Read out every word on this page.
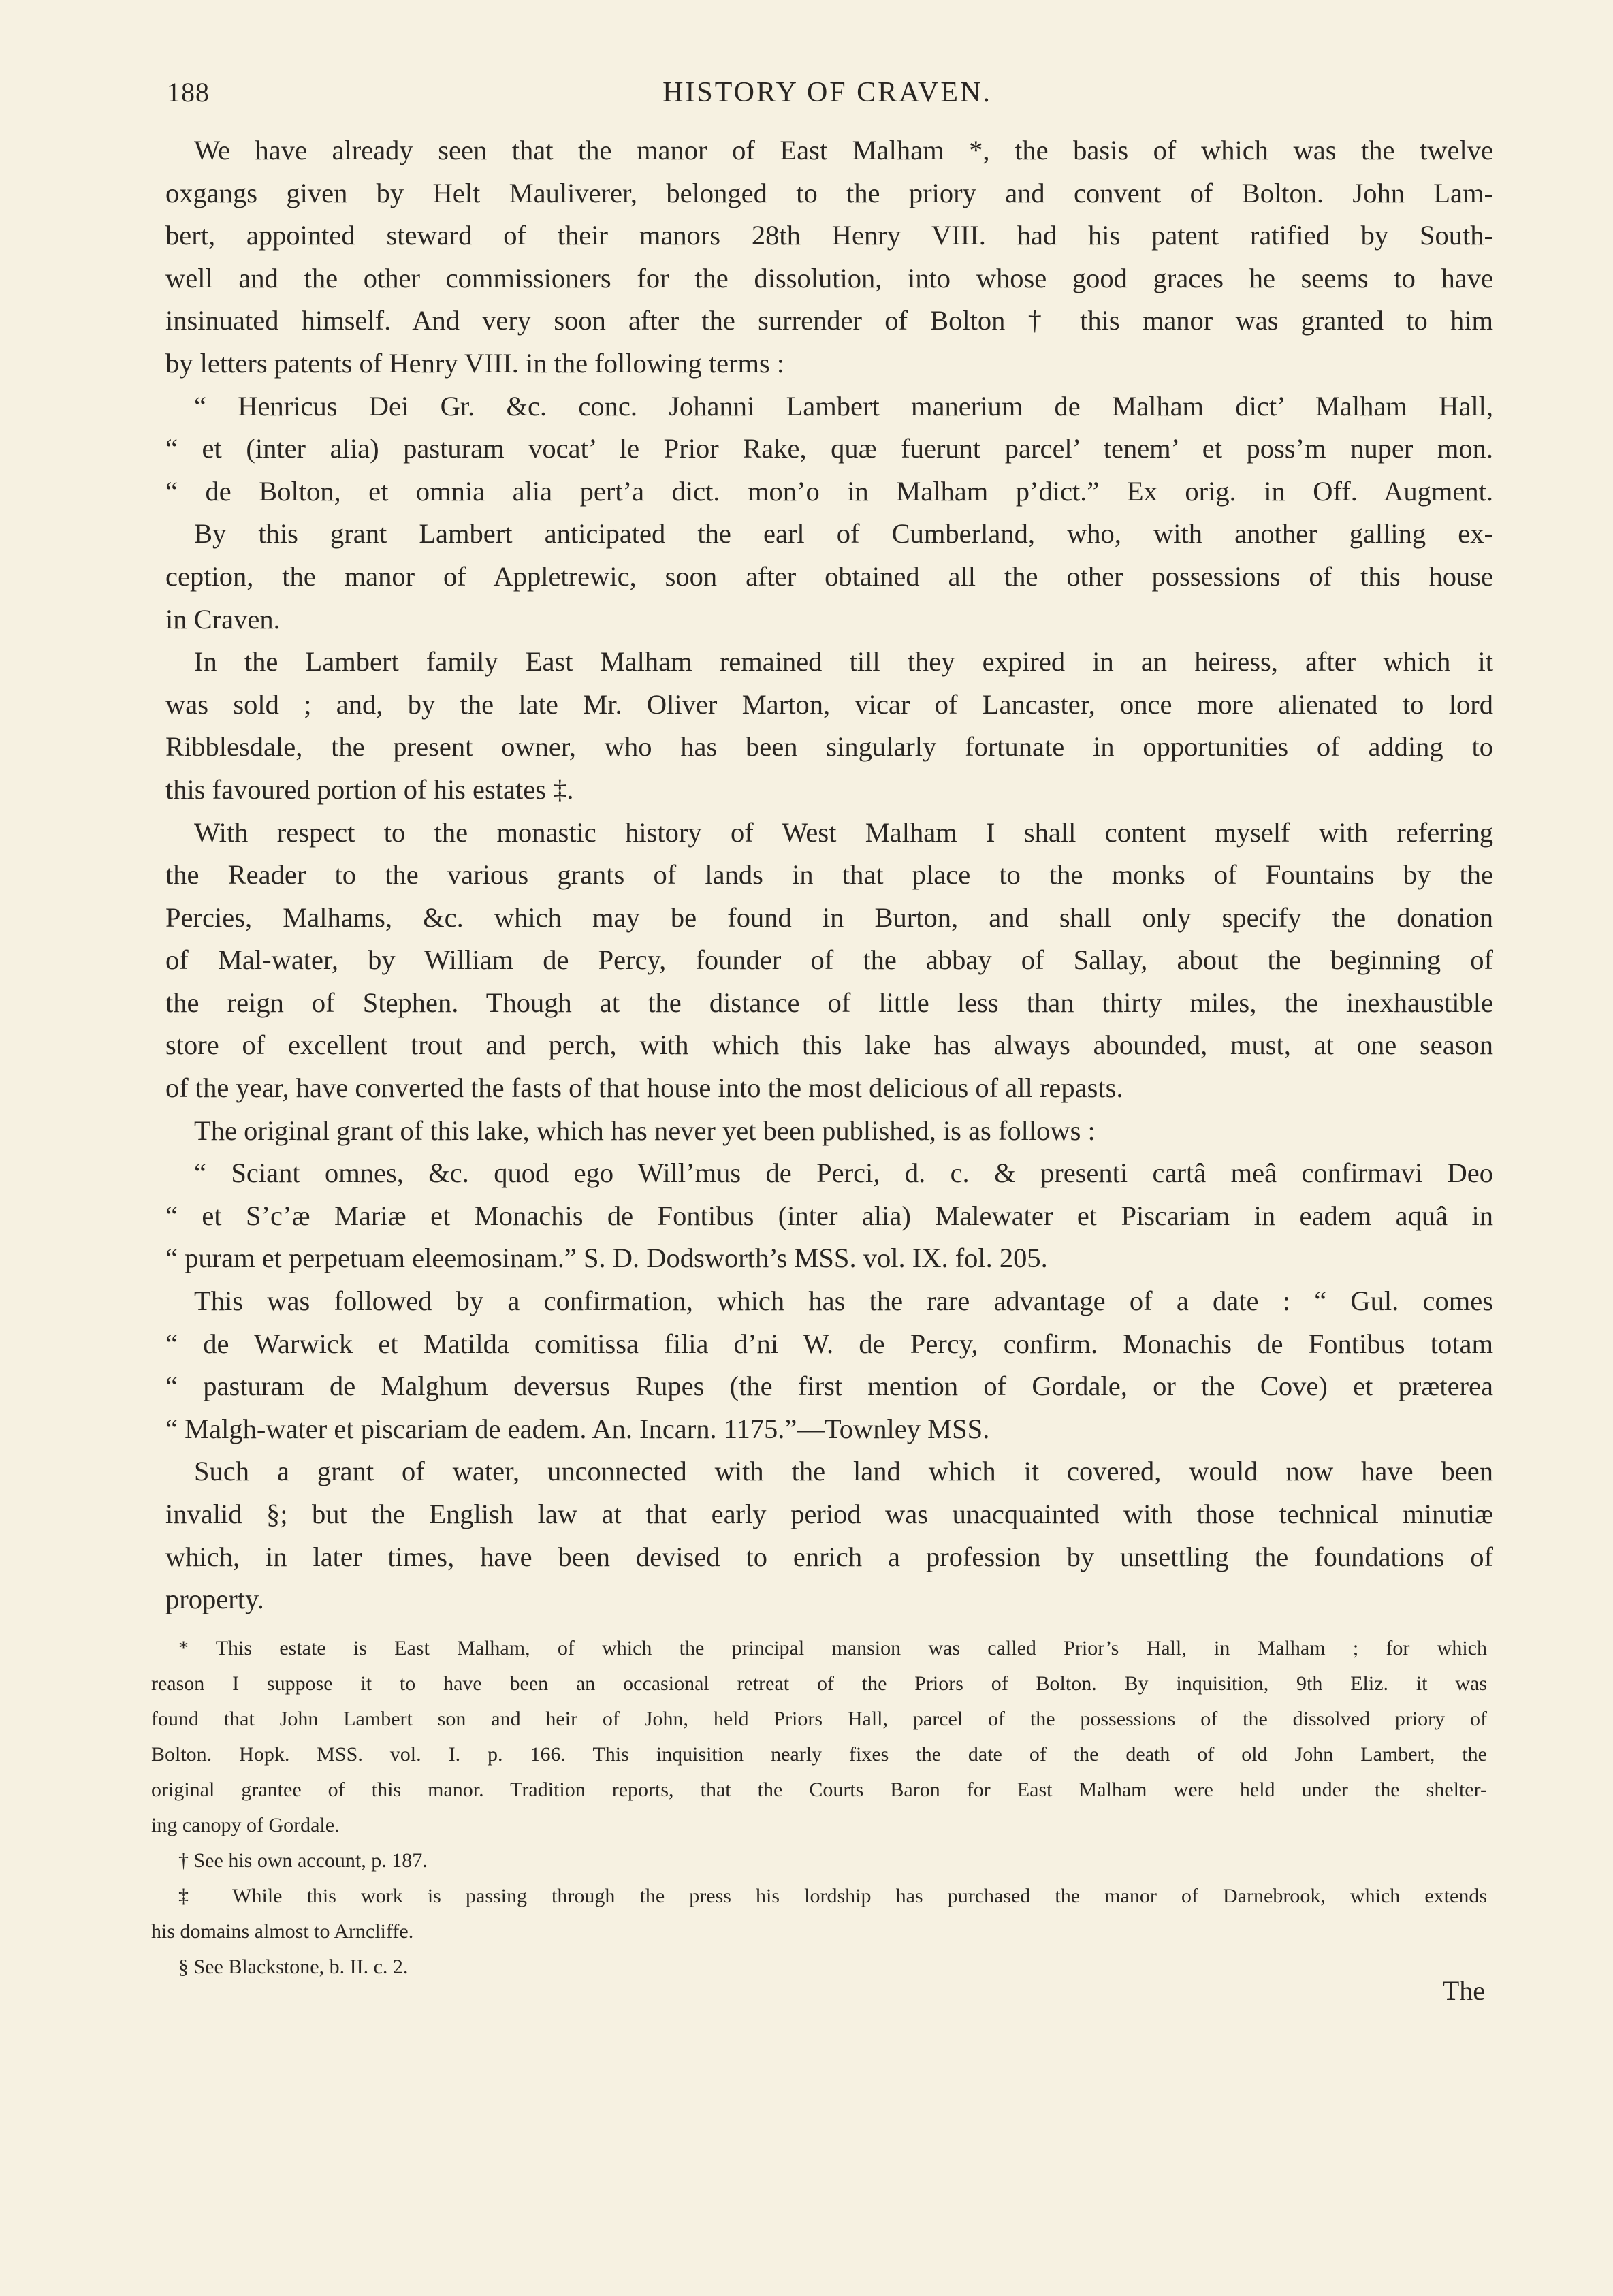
188	HISTORY OF CRAVEN.
We have already seen that the manor of East Malham *, the basis of which was the twelve
oxgangs given by Helt Mauliverer, belonged to the priory and convent of Bolton. John Lam-
bert, appointed steward of their manors 28th Henry VIII. had his patent ratified by South-
well and the other commissioners for the dissolution, into whose good graces he seems to have
insinuated himself. And very soon after the surrender of Bolton † this manor was granted to him
by letters patents of Henry VIII. in the following terms :
“ Henricus Dei Gr. &c. conc. Johanni Lambert manerium de Malham dict’ Malham Hall,
“ et (inter alia) pasturam vocat’ le Prior Rake, quæ fuerunt parcel’ tenem’ et poss’m nuper mon.
“ de Bolton, et omnia alia pert’a dict. mon’o in Malham p’dict.” Ex orig. in Off. Augment.
By this grant Lambert anticipated the earl of Cumberland, who, with another galling ex-
ception, the manor of Appletrewic, soon after obtained all the other possessions of this house
in Craven.
In the Lambert family East Malham remained till they expired in an heiress, after which it
was sold ; and, by the late Mr. Oliver Marton, vicar of Lancaster, once more alienated to lord
Ribblesdale, the present owner, who has been singularly fortunate in opportunities of adding to
this favoured portion of his estates ‡.
With respect to the monastic history of West Malham I shall content myself with referring
the Reader to the various grants of lands in that place to the monks of Fountains by the
Percies, Malhams, &c. which may be found in Burton, and shall only specify the donation
of Mal-water, by William de Percy, founder of the abbay of Sallay, about the beginning of
the reign of Stephen. Though at the distance of little less than thirty miles, the inexhaustible
store of excellent trout and perch, with which this lake has always abounded, must, at one season
of the year, have converted the fasts of that house into the most delicious of all repasts.
The original grant of this lake, which has never yet been published, is as follows :
“ Sciant omnes, &c. quod ego Will’mus de Perci, d. c. & presenti cartâ meâ confirmavi Deo
“ et S’c’æ Mariæ et Monachis de Fontibus (inter alia) Malewater et Piscariam in eadem aquâ in
“ puram et perpetuam eleemosinam.” S. D. Dodsworth’s MSS. vol. IX. fol. 205.
This was followed by a confirmation, which has the rare advantage of a date : “ Gul. comes
“ de Warwick et Matilda comitissa filia d’ni W. de Percy, confirm. Monachis de Fontibus totam
“ pasturam de Malghum deversus Rupes (the first mention of Gordale, or the Cove) et præterea
“ Malgh-water et piscariam de eadem. An. Incarn. 1175.”—Townley MSS.
Such a grant of water, unconnected with the land which it covered, would now have been
invalid §; but the English law at that early period was unacquainted with those technical minutiæ
which, in later times, have been devised to enrich a profession by unsettling the foundations of
property.
* This estate is East Malham, of which the principal mansion was called Prior’s Hall, in Malham ; for which
reason I suppose it to have been an occasional retreat of the Priors of Bolton. By inquisition, 9th Eliz. it was
found that John Lambert son and heir of John, held Priors Hall, parcel of the possessions of the dissolved priory of
Bolton. Hopk. MSS. vol. I. p. 166. This inquisition nearly fixes the date of the death of old John Lambert, the
original grantee of this manor. Tradition reports, that the Courts Baron for East Malham were held under the shelter-
ing canopy of Gordale.
† See his own account, p. 187.
‡ While this work is passing through the press his lordship has purchased the manor of Darnebrook, which extends
his domains almost to Arncliffe.
§ See Blackstone, b. II. c. 2.
The
